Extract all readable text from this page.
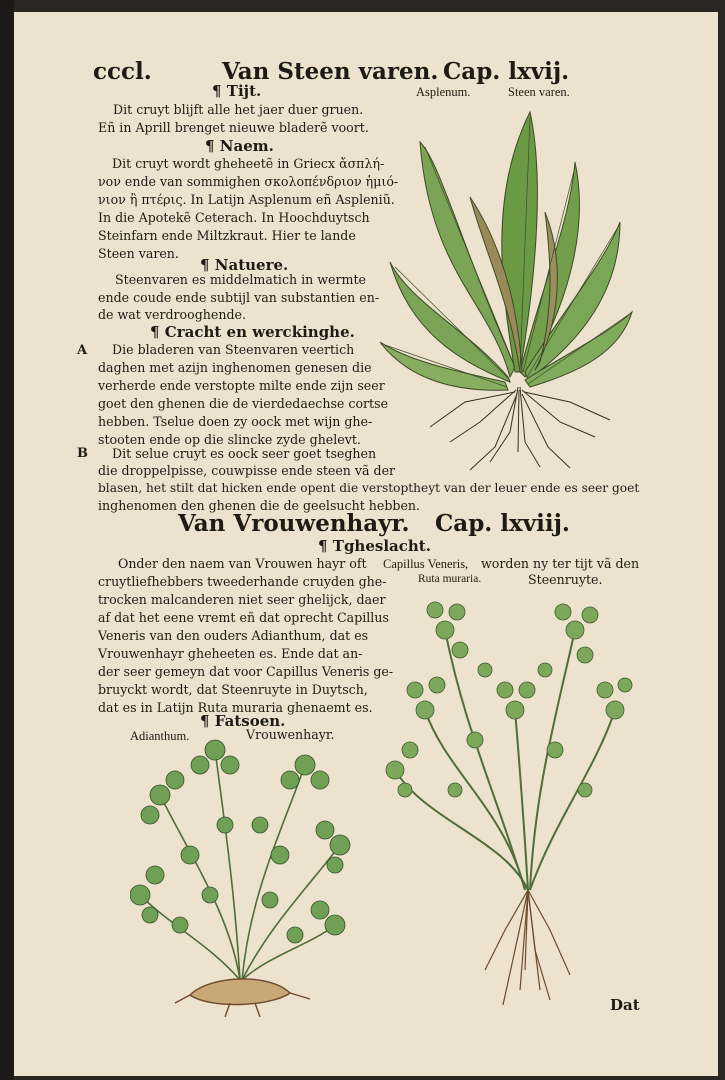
cccl.	Van Steen varen. Cap. lxvij.
¶ Tijt.
Dit cruyt blijft alle het jaer duer gruen.
Eñ in Aprill brenget nieuwe bladerẽ voort.
¶ Naem.
Dit cruyt wordt gheheetẽ in Griecx ἄσπλή-
νον ende van sommighen σκολοπένδριον ἡμιό-
νιον ἢ πτέρις. In Latijn Asplenum eñ Aspleniũ.
In die Apotekẽ Ceterach. In Hoochduytsch
Steinfarn ende Miltzkraut. Hier te lande
Steen varen.
¶ Natuere.
Steenvaren es middelmatich in wermte
ende coude ende subtijl van substantien en-
de wat verdrooghende.
¶ Cracht en werckinghe.
A Die bladeren van Steenvaren veertich
daghen met azijn inghenomen genesen die
verherde ende verstopte milte ende zijn seer
goet den ghenen die de vierdedaechse cortse
hebben. Tselue doen zy oock met wijn ghe-
stooten ende op die slincke zyde ghelevt.
B Dit selue cruyt es oock seer goet tseghen
die droppelpisse, couwpisse ende steen vã der
blasen, het stilt dat hicken ende opent die verstoptheyt van der leuer ende es seer goet
inghenomen den ghenen die de geelsucht hebben.
Asplenum.	Steen varen.
Van Vrouwenhayr. Cap. lxviij.
¶ Tgheslacht.
Onder den naem van Vrouwen hayr oft Capillus Veneris, worden ny ter tijt vã den
cruytliefhebbers tweederhande cruyden ghe-	Ruta muraria.	Steenruyte.
trocken malcanderen niet seer ghelijck, daer
af dat het eene vremt eñ dat oprecht Capillus
Veneris van den ouders Adianthum, dat es
Vrouwenhayr gheheeten es. Ende dat an-
der seer gemeyn dat voor Capillus Veneris ge-
bruyckt wordt, dat Steenruyte in Duytsch,
dat es in Latijn Ruta muraria ghenaemt es.
¶ Fatsoen.
Adianthum.	Vrouwenhayr.
Dat
